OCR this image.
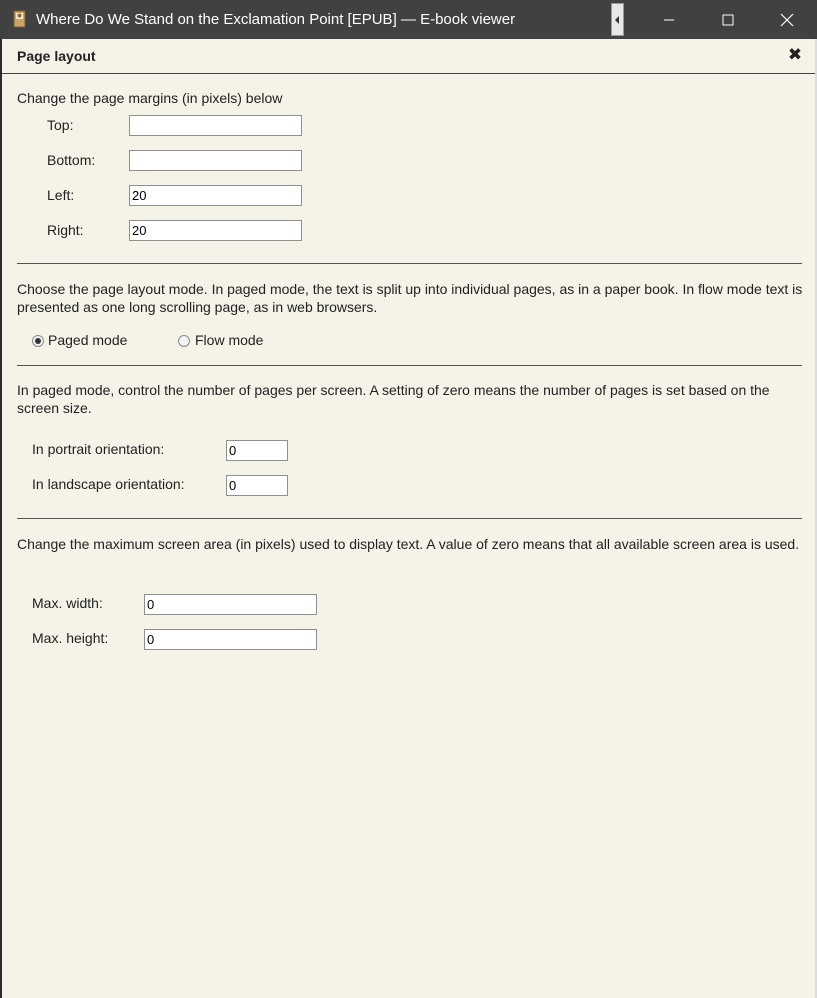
Where Do We Stand on the Exclamation Point [EPUB] — E-book viewer
Page layout	✖
Change the page margins (in pixels) below
Top:
Bottom:
Left:
20
Right:
20
Choose the page layout mode. In paged mode, the text is split up into individual pages, as in a paper book. In flow mode text is presented as one long scrolling page, as in web browsers.
Paged mode	Flow mode
In paged mode, control the number of pages per screen. A setting of zero means the number of pages is set based on the screen size.
In portrait orientation:
0
In landscape orientation:
0
Change the maximum screen area (in pixels) used to display text. A value of zero means that all available screen area is used.
Max. width:
0
Max. height:
0
